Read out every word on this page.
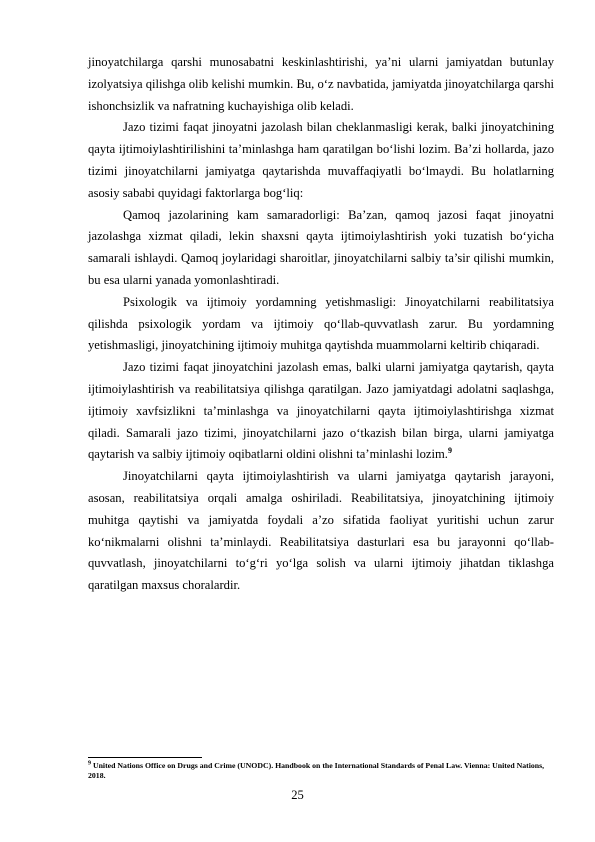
jinoyatchilarga qarshi munosabatni keskinlashtirishi, ya’ni ularni jamiyatdan butunlay izolyatsiya qilishga olib kelishi mumkin. Bu, o‘z navbatida, jamiyatda jinoyatchilarga qarshi ishonchsizlik va nafratning kuchayishiga olib keladi.

Jazo tizimi faqat jinoyatni jazolash bilan cheklanmasligi kerak, balki jinoyatchining qayta ijtimoiylashtirilishini ta’minlashga ham qaratilgan bo‘lishi lozim. Ba’zi hollarda, jazo tizimi jinoyatchilarni jamiyatga qaytarishda muvaffaqiyatli bo‘lmaydi. Bu holatlarning asosiy sababi quyidagi faktorlarga bog‘liq:

Qamoq jazolarining kam samaradorligi: Ba’zan, qamoq jazosi faqat jinoyatni jazolashga xizmat qiladi, lekin shaxsni qayta ijtimoiylashtirish yoki tuzatish bo‘yicha samarali ishlaydi. Qamoq joylaridagi sharoitlar, jinoyatchilarni salbiy ta’sir qilishi mumkin, bu esa ularni yanada yomonlashtiradi.

Psixologik va ijtimoiy yordamning yetishmasligi: Jinoyatchilarni reabilitatsiya qilishda psixologik yordam va ijtimoiy qo‘llab-quvvatlash zarur. Bu yordamning yetishmasligi, jinoyatchining ijtimoiy muhitga qaytishda muammolarni keltirib chiqaradi.

Jazo tizimi faqat jinoyatchini jazolash emas, balki ularni jamiyatga qaytarish, qayta ijtimoiylashtirish va reabilitatsiya qilishga qaratilgan. Jazo jamiyatdagi adolatni saqlashga, ijtimoiy xavfsizlikni ta’minlashga va jinoyatchilarni qayta ijtimoiylashtirishga xizmat qiladi. Samarali jazo tizimi, jinoyatchilarni jazo o‘tkazish bilan birga, ularni jamiyatga qaytarish va salbiy ijtimoiy oqibatlarni oldini olishni ta’minlashi lozim.$^9$

Jinoyatchilarni qayta ijtimoiylashtirish va ularni jamiyatga qaytarish jarayoni, asosan, reabilitatsiya orqali amalga oshiriladi. Reabilitatsiya, jinoyatchining ijtimoiy muhitga qaytishi va jamiyatda foydali a’zo sifatida faoliyat yuritishi uchun zarur ko‘nikmalarni olishni ta’minlaydi. Reabilitatsiya dasturlari esa bu jarayonni qo‘llab-quvvatlash, jinoyatchilarni to‘g‘ri yo‘lga solish va ularni ijtimoiy jihatdan tiklashga qaratilgan maxsus choralardir.

$^9$ United Nations Office on Drugs and Crime (UNODC). Handbook on the International Standards of Penal Law. Vienna: United Nations, 2018.
25
